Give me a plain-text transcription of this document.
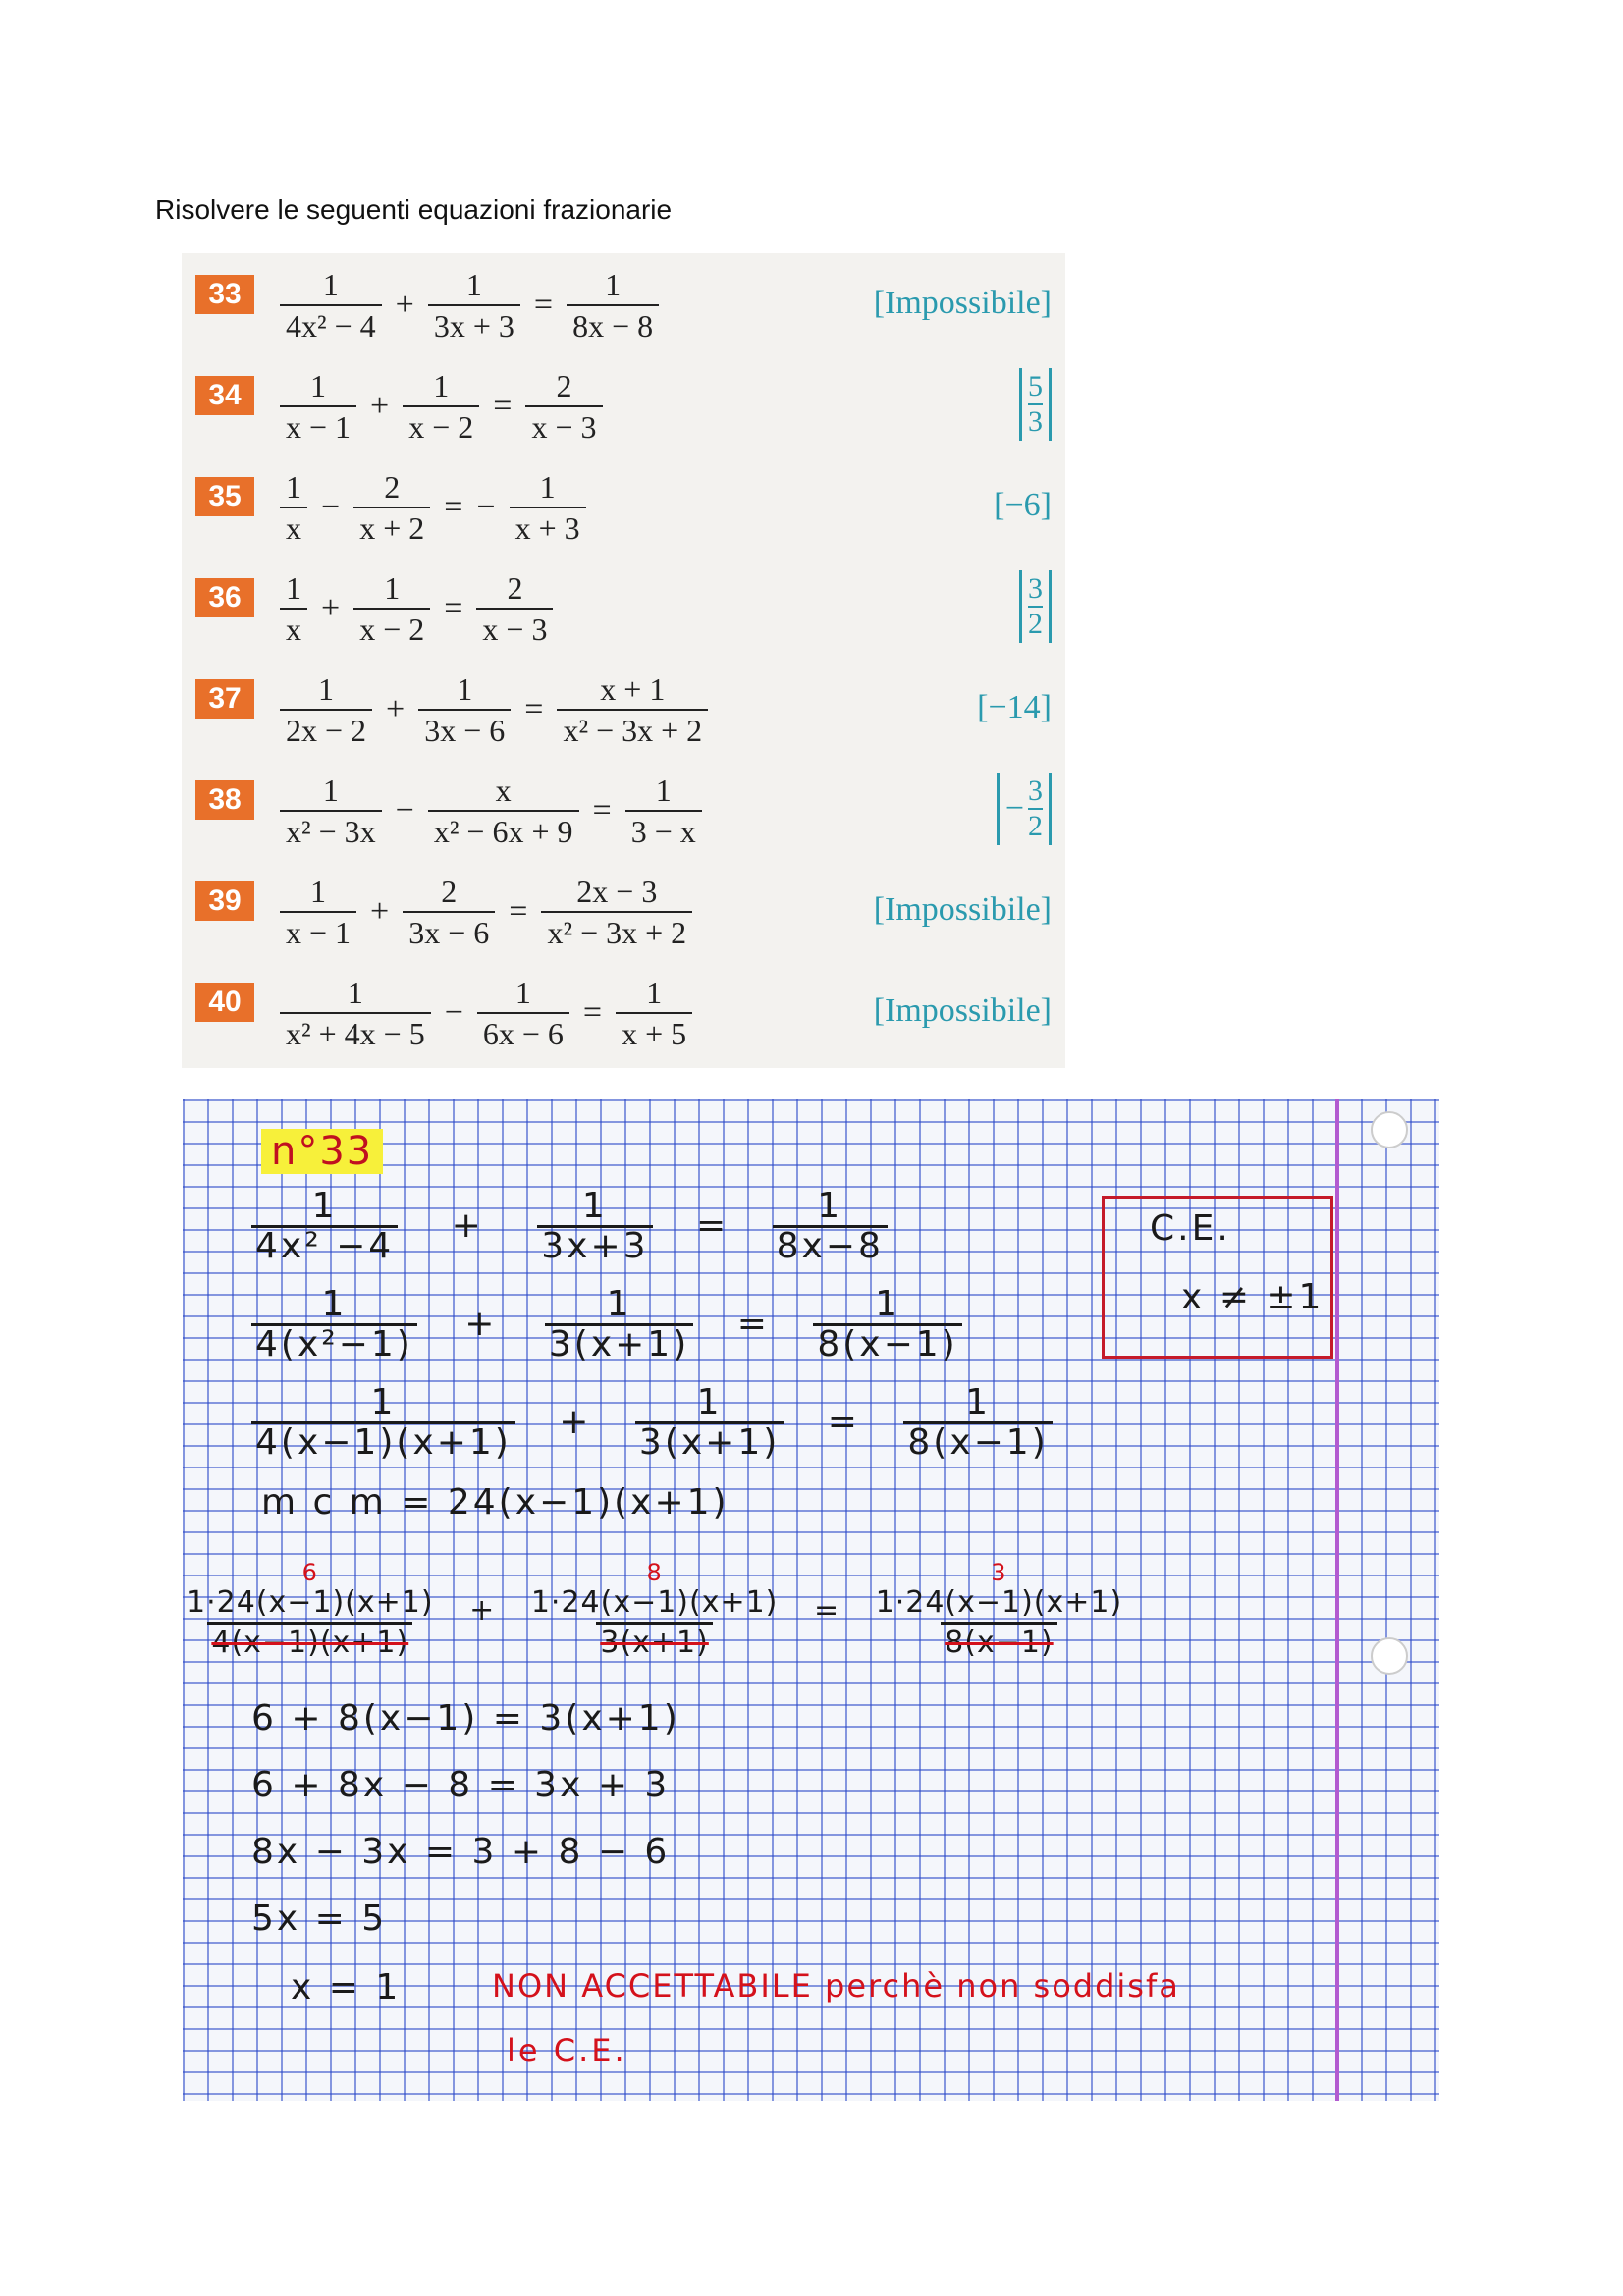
Risolvere le seguenti equazioni frazionarie
33	$\frac{1}{\text{4x² − 4}} + \frac{1}{3x + 3} = \frac{1}{8x - 8}$	[Impossibile]
34	$\frac{1}{x - 1} + \frac{1}{x - 2} = \frac{2}{x - 3}$	$\frac{5}{3}$
35	$\frac{1}{x} - \frac{2}{x + 2}$ = − $\frac{1}{x + 3}$	[−6]
36	$\frac{1}{x} + \frac{1}{x - 2} = \frac{2}{x - 3}$	$\frac{3}{2}$
37	$\frac{1}{2x - 2} + \frac{1}{3x - 6} = \frac{x + 1}{\text{x² − 3x + 2}}$	[−14]
38	$\frac{1}{\text{x² − 3x}} - \frac{x}{\text{x² − 6x + 9}} = \frac{1}{3 - x}$	− $\frac{3}{2}$
39	$\frac{1}{x - 1} + \frac{2}{3x - 6} = \frac{2x - 3}{\text{x² − 3x + 2}}$	[Impossibile]
40	$\frac{1}{\text{x² + 4x − 5}} - \frac{1}{6x - 6} = \frac{1}{x + 5}$	[Impossibile]
n°33
C.E.
x ≠ ±1
$\frac{1}{\text{4x² −4}} + \frac{1}{3x+3} = \frac{1}{8x-8}$
$\frac{1}{\text{4(x²−1)}} + \frac{1}{3(x+1)} = \frac{1}{8(x-1)}$
$\frac{1}{4(x-1)(x+1)} + \frac{1}{3(x+1)} = \frac{1}{8(x-1)}$
m c m = 24(x−1)(x+1)
6
1·24(x−1)(x+1)
4(x−1)(x+1)
+
8
1·24(x−1)(x+1)
3(x+1)
=
3
1·24(x−1)(x+1)
8(x−1)
6 + 8(x−1) = 3(x+1)
6 + 8x − 8 = 3x + 3
8x − 3x = 3 + 8 − 6
5x = 5
x = 1	NON ACCETTABILE perchè non soddisfa
le C.E.
